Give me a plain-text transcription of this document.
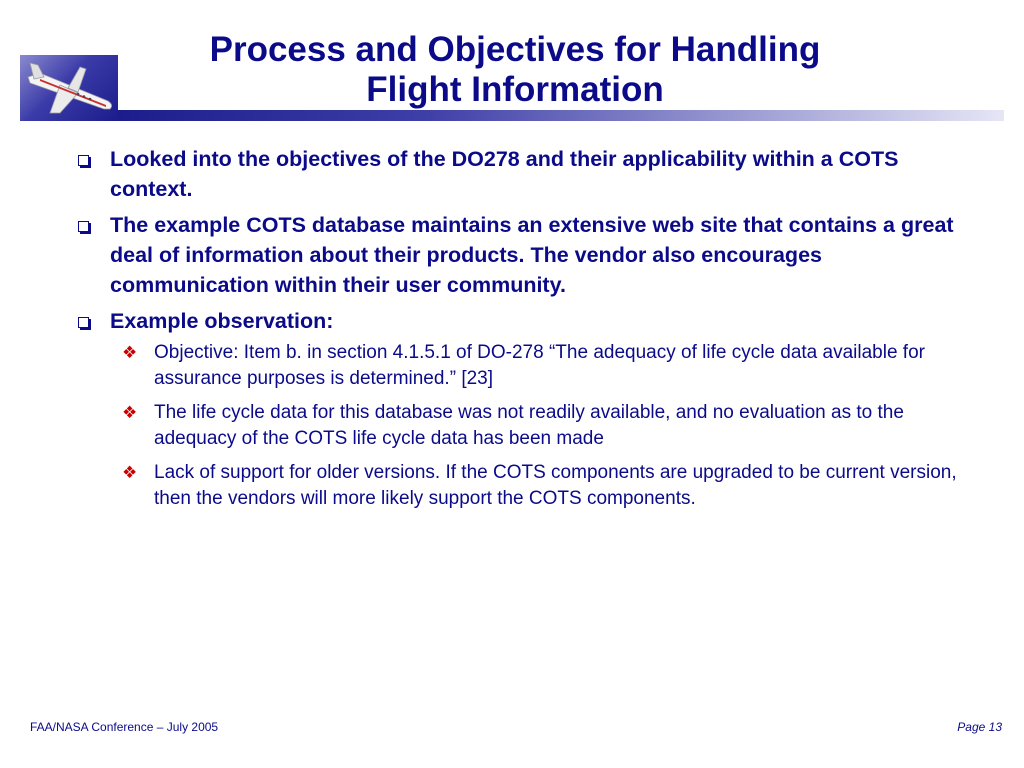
Process and Objectives for Handling
Flight Information
Looked into the objectives of the DO278 and their applicability within a COTS context.
The example COTS database maintains an extensive web site that contains a great deal of information about their products. The vendor also encourages communication within their user community.
Example observation:
❖ Objective: Item b. in section 4.1.5.1 of DO-278 “The adequacy of life cycle data available for assurance purposes is determined.” [23]
❖ The life cycle data for this database was not readily available, and no evaluation as to the adequacy of the COTS life cycle data has been made
❖ Lack of support for older versions. If the COTS components are upgraded to be current version, then the vendors will more likely support the COTS components.
FAA/NASA Conference – July 2005	Page 13
